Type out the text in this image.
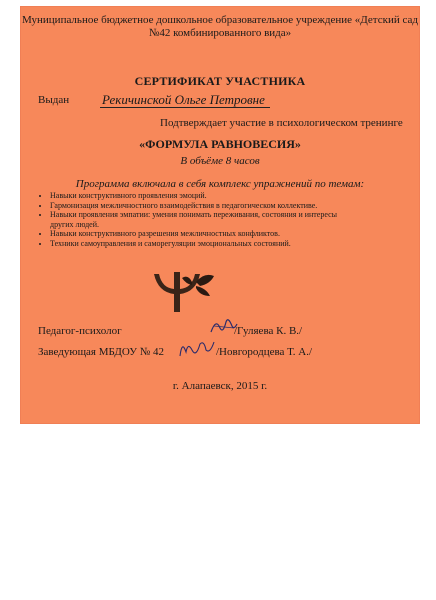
Муниципальное бюджетное дошкольное образовательное учреждение «Детский сад №42 комбинированного вида»
СЕРТИФИКАТ УЧАСТНИКА
Выдан	Рекичинской Ольге Петровне
Подтверждает участие в психологическом тренинге
«ФОРМУЛА РАВНОВЕСИЯ»
В объёме 8 часов
Программа включала в себя комплекс упражнений по темам:
• Навыки конструктивного проявления эмоций.
• Гармонизация межличностного взаимодействия в педагогическом коллективе.
• Навыки проявления эмпатии: умения понимать переживания, состояния и интересы других людей.
• Навыки конструктивного разрешения межличностных конфликтов.
• Техники самоуправления и саморегуляции эмоциональных состояний.
Педагог-психолог	/Гуляева К. В./
Заведующая МБДОУ № 42	/Новгородцева Т. А./
г. Алапаевск, 2015 г.
